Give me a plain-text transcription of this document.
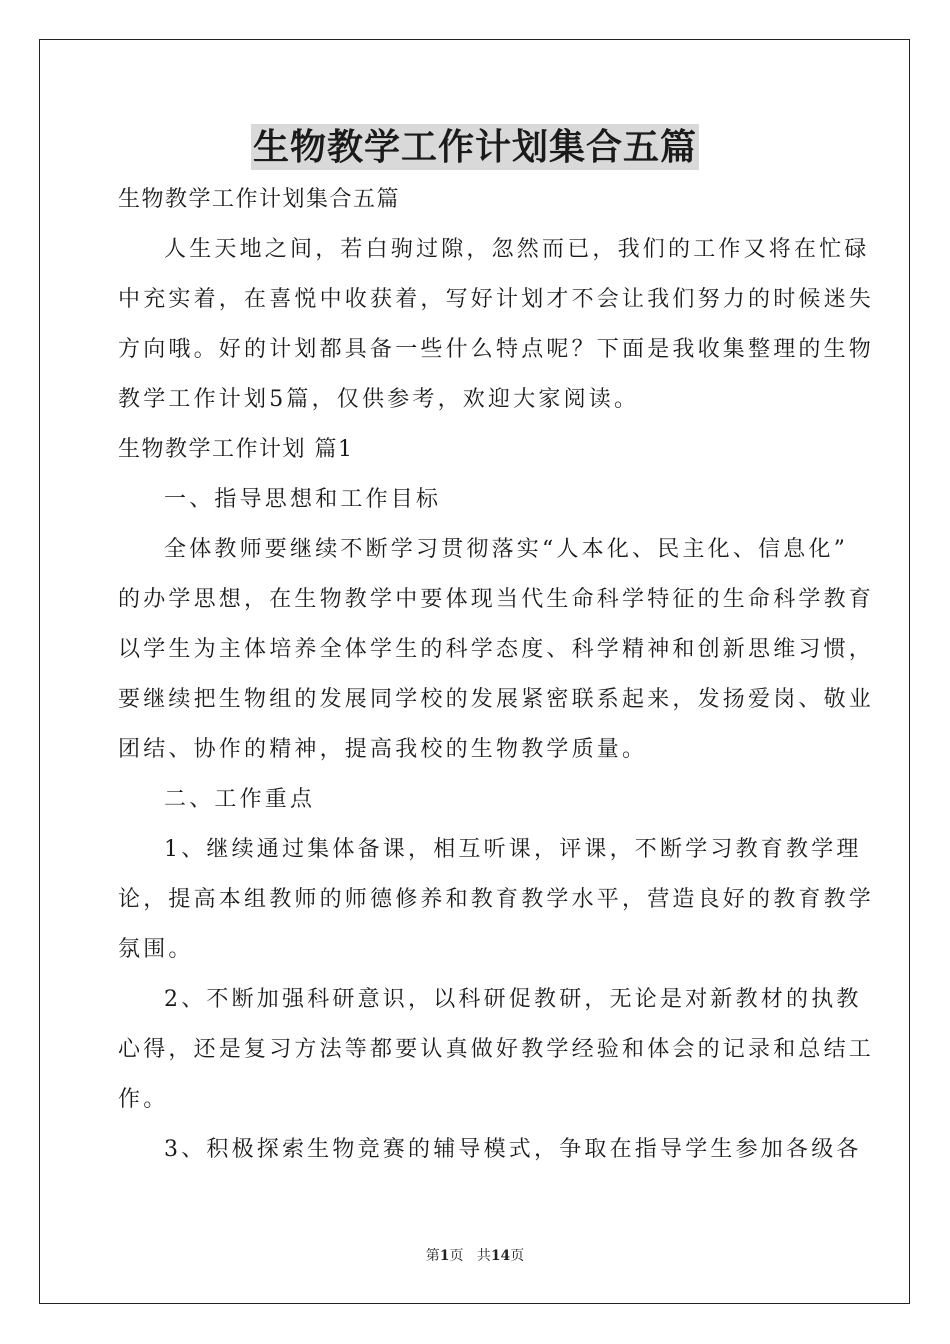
生物教学工作计划集合五篇
生物教学工作计划集合五篇
人生天地之间，若白驹过隙，忽然而已，我们的工作又将在忙碌
中充实着，在喜悦中收获着，写好计划才不会让我们努力的时候迷失
方向哦。好的计划都具备一些什么特点呢？下面是我收集整理的生物
教学工作计划5篇，仅供参考，欢迎大家阅读。
生物教学工作计划 篇1
一、指导思想和工作目标
全体教师要继续不断学习贯彻落实“人本化、民主化、信息化”
的办学思想，在生物教学中要体现当代生命科学特征的生命科学教育
以学生为主体培养全体学生的科学态度、科学精神和创新思维习惯，
要继续把生物组的发展同学校的发展紧密联系起来，发扬爱岗、敬业
团结、协作的精神，提高我校的生物教学质量。
二、工作重点
1、继续通过集体备课，相互听课，评课，不断学习教育教学理
论，提高本组教师的师德修养和教育教学水平，营造良好的教育教学
氛围。
2、不断加强科研意识，以科研促教研，无论是对新教材的执教
心得，还是复习方法等都要认真做好教学经验和体会的记录和总结工
作。
3、积极探索生物竞赛的辅导模式，争取在指导学生参加各级各
第1页 共14页
